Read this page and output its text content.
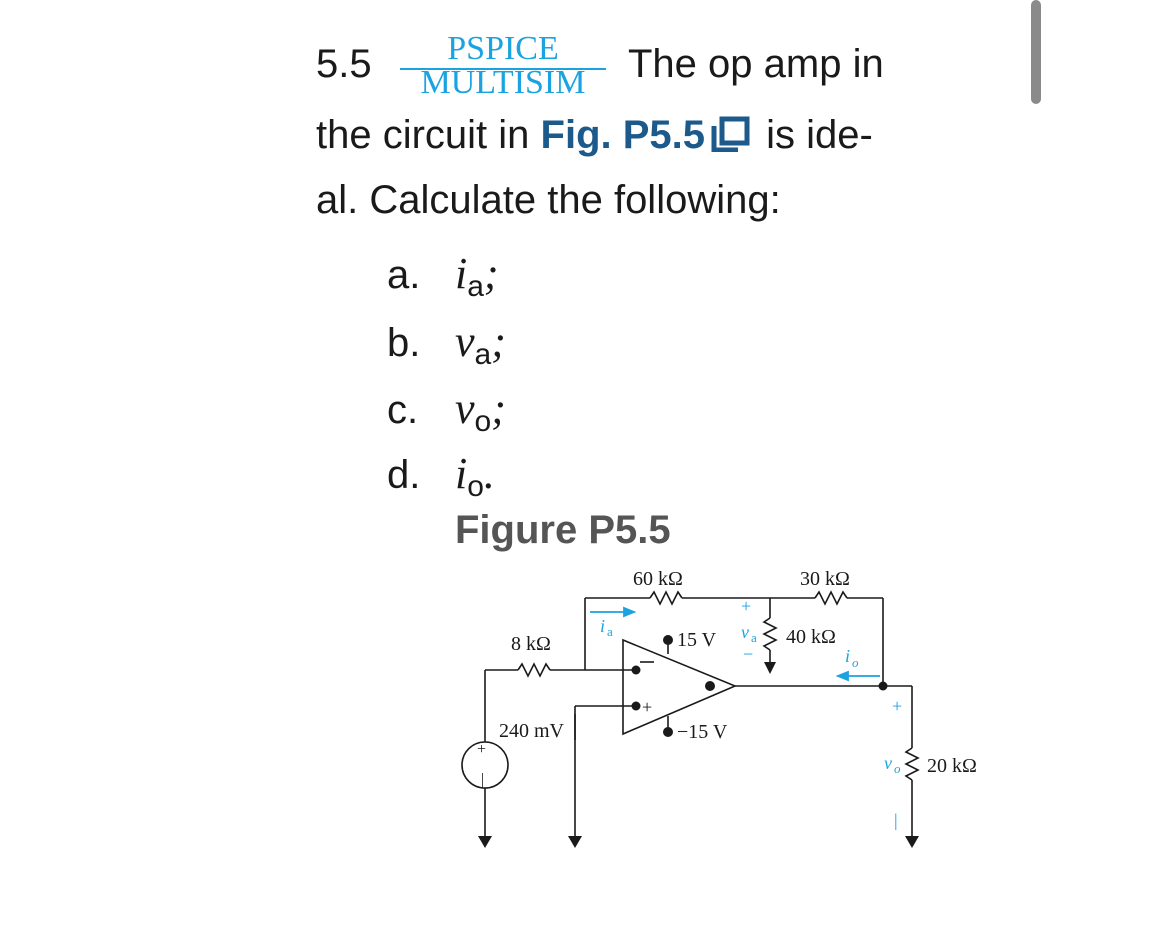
5.5	PSPICE
MULTISIM	The op amp in
the circuit in Fig. P5.5 is ide-
al. Calculate the following:
a. $i_a$;
b. $v_a$;
c. $v_o$;
d. $i_o$.
Figure P5.5
+
|
60 kΩ	30 kΩ
8 kΩ	40 kΩ
20 kΩ
15 V
−15 V
240 mV
i a	v a
+
−	i o
v o
+
|
+
